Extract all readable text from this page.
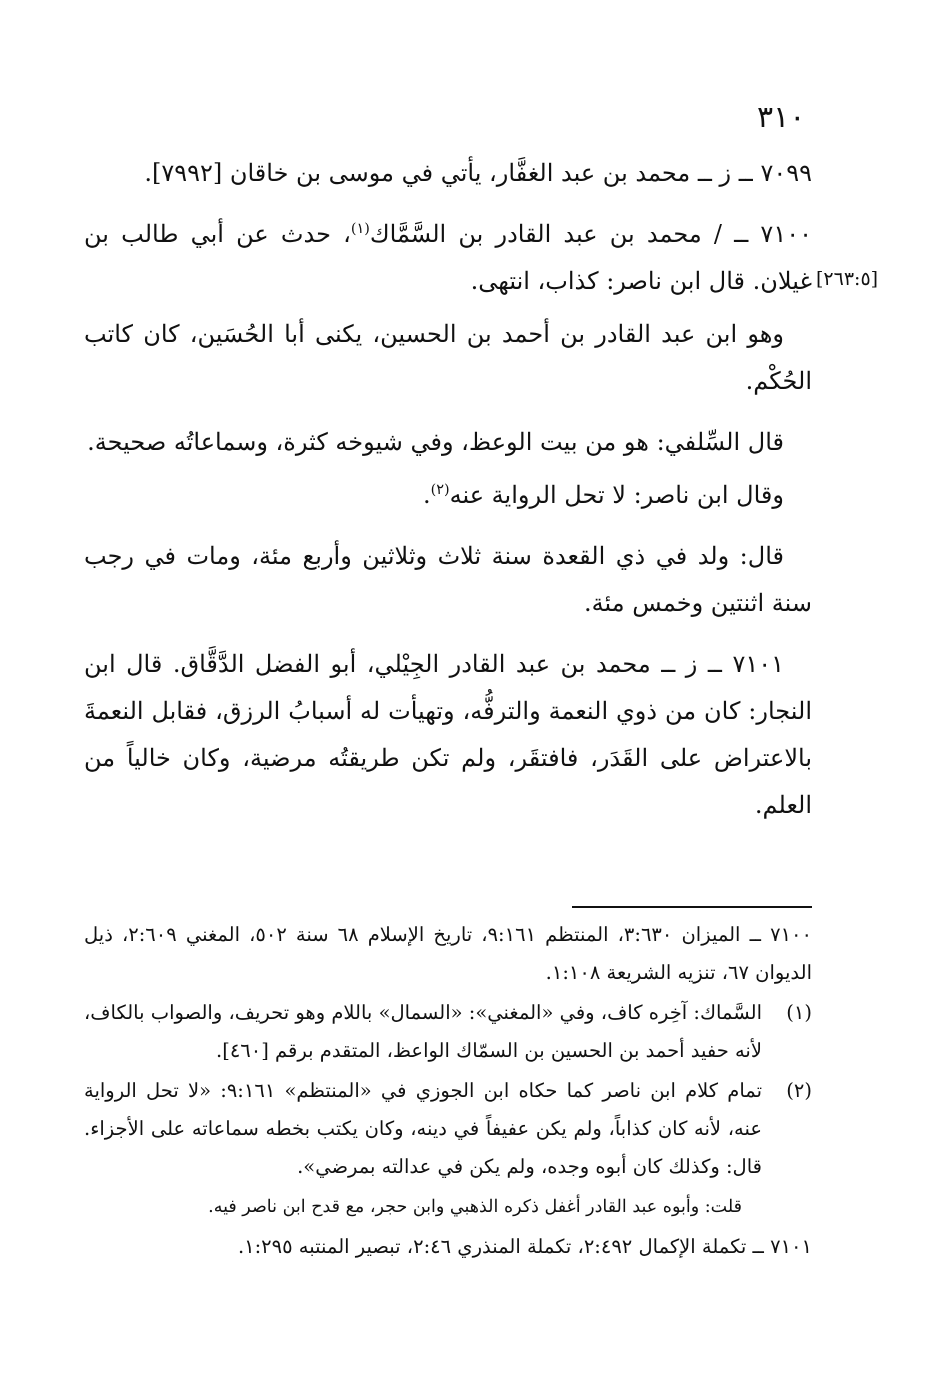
٣١٠
[٢٦٣:٥]

٧٠٩٩ ــ ز ــ محمد بن عبد الغفَّار، يأتي في موسى بن خاقان [٧٩٩٢].

٧١٠٠ ــ / محمد بن عبد القادر بن السَّمَّاك$^{(١)}$، حدث عن أبي طالب بن غيلان. قال ابن ناصر: كذاب، انتهى.

وهو ابن عبد القادر بن أحمد بن الحسين، يكنى أبا الحُسَين، كان كاتب الحُكْم.

قال السِّلفي: هو من بيت الوعظ، وفي شيوخه كثرة، وسماعاتُه صحيحة.

وقال ابن ناصر: لا تحل الرواية عنه$^{(٢)}$.

قال: ولد في ذي القعدة سنة ثلاث وثلاثين وأربع مئة، ومات في رجب سنة اثنتين وخمس مئة.

٧١٠١ ــ ز ــ محمد بن عبد القادر الجِيْلي، أبو الفضل الدَّقَّاق. قال ابن النجار: كان من ذوي النعمة والترفُّه، وتهيأت له أسبابُ الرزق، فقابل النعمةَ بالاعتراض على القَدَر، فافتقَر، ولم تكن طريقتُه مرضية، وكان خالياً من العلم.

٧١٠٠ ــ الميزان ٣:٦٣٠، المنتظم ٩:١٦١، تاريخ الإسلام ٦٨ سنة ٥٠٢، المغني ٢:٦٠٩، ذيل الديوان ٦٧، تنزيه الشريعة ١:١٠٨.
(١)
السَّماك: آخِره كاف، وفي «المغني»: «السمال» باللام وهو تحريف، والصواب بالكاف، لأنه حفيد أحمد بن الحسين بن السمّاك الواعظ، المتقدم برقم [٤٦٠].
(٢)
تمام كلام ابن ناصر كما حكاه ابن الجوزي في «المنتظم» ٩:١٦١: «لا تحل الرواية عنه، لأنه كان كذاباً، ولم يكن عفيفاً في دينه، وكان يكتب بخطه سماعاته على الأجزاء. قال: وكذلك كان أبوه وجده، ولم يكن في عدالته بمرضي».
قلت: وأبوه عبد القادر أغفل ذكره الذهبي وابن حجر، مع قدح ابن ناصر فيه.
٧١٠١ ــ تكملة الإكمال ٢:٤٩٢، تكملة المنذري ٢:٤٦، تبصير المنتبه ١:٢٩٥.
